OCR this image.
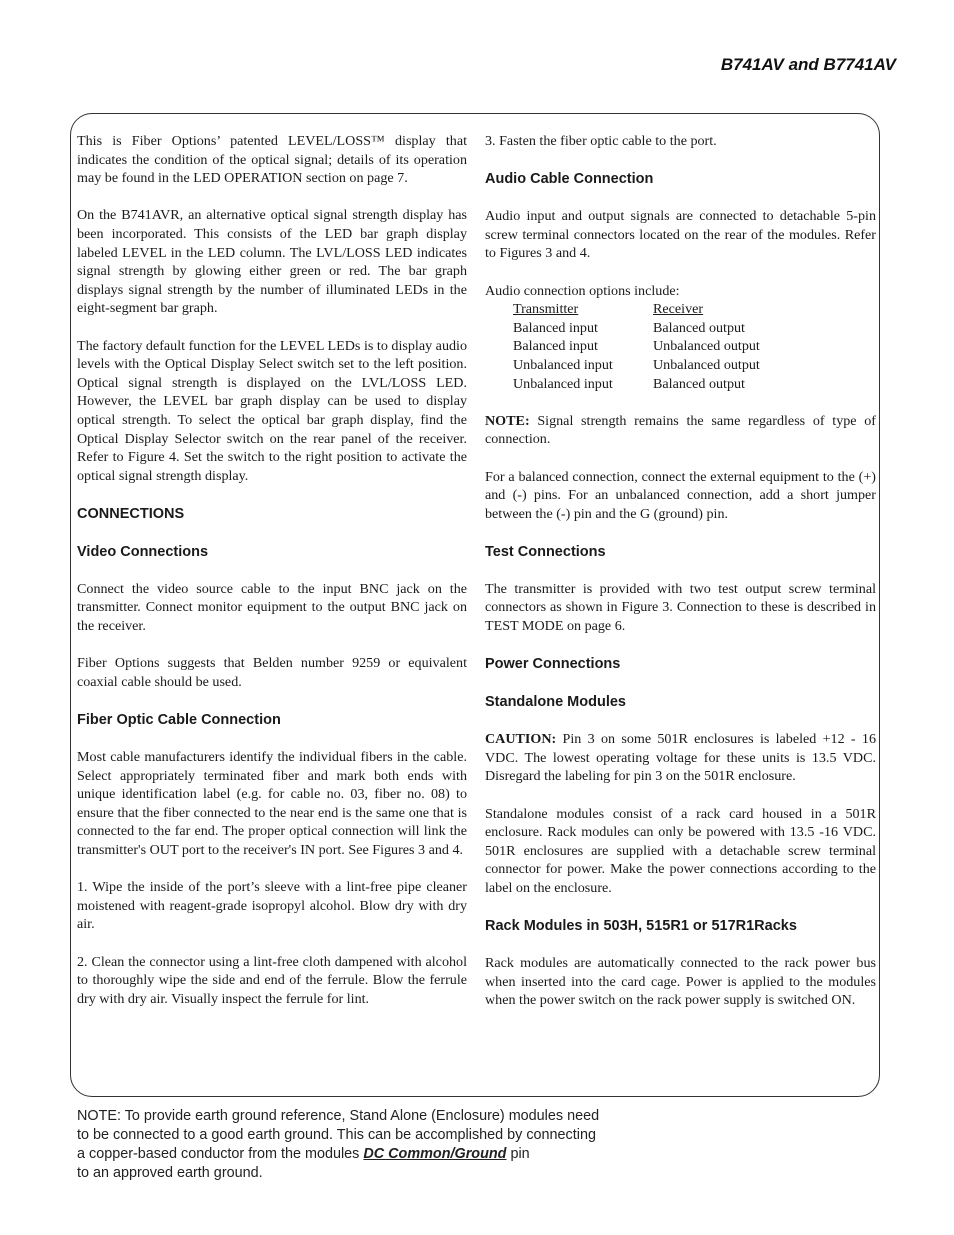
B741AV and B7741AV

This is Fiber Options’ patented LEVEL/LOSS™ display that indicates the condition of the optical signal; details of its operation may be found in the LED OPERATION section on page 7.

On the B741AVR, an alternative optical signal strength display has been incorporated. This consists of the LED bar graph display labeled LEVEL in the LED column. The LVL/LOSS LED indicates signal strength by glowing either green or red. The bar graph displays signal strength by the number of illuminated LEDs in the eight-segment bar graph.

The factory default function for the LEVEL LEDs is to display audio levels with the Optical Display Select switch set to the left position. Optical signal strength is displayed on the LVL/LOSS LED. However, the LEVEL bar graph display can be used to display optical strength. To select the optical bar graph display, find the Optical Display Selector switch on the rear panel of the receiver. Refer to Figure 4. Set the switch to the right position to activate the optical signal strength display.

CONNECTIONS
Video Connections

Connect the video source cable to the input BNC jack on the transmitter. Connect monitor equipment to the output BNC jack on the receiver.

Fiber Options suggests that Belden number 9259 or equivalent coaxial cable should be used.

Fiber Optic Cable Connection

Most cable manufacturers identify the individual fibers in the cable. Select appropriately terminated fiber and mark both ends with unique identification label (e.g. for cable no. 03, fiber no. 08) to ensure that the fiber connected to the near end is the same one that is connected to the far end. The proper optical connection will link the transmitter's OUT port to the receiver's IN port. See Figures 3 and 4.

1. Wipe the inside of the port’s sleeve with a lint-free pipe cleaner moistened with reagent-grade isopropyl alcohol. Blow dry with dry air.

2. Clean the connector using a lint-free cloth dampened with alcohol to thoroughly wipe the side and end of the ferrule. Blow the ferrule dry with dry air. Visually inspect the ferrule for lint.

3. Fasten the fiber optic cable to the port.

Audio Cable Connection

Audio input and output signals are connected to detachable 5-pin screw terminal connectors located on the rear of the modules. Refer to Figures 3 and 4.

Audio connection options include:
Transmitter	Receiver
Balanced input	Balanced output
Balanced input	Unbalanced output
Unbalanced input	Unbalanced output
Unbalanced input	Balanced output

NOTE: Signal strength remains the same regardless of type of connection.

For a balanced connection, connect the external equipment to the (+) and (-) pins. For an unbalanced connection, add a short jumper between the (-) pin and the G (ground) pin.

Test Connections

The transmitter is provided with two test output screw terminal connectors as shown in Figure 3. Connection to these is described in TEST MODE on page 6.

Power Connections
Standalone Modules

CAUTION: Pin 3 on some 501R enclosures is labeled +12 - 16 VDC. The lowest operating voltage for these units is 13.5 VDC. Disregard the labeling for pin 3 on the 501R enclosure.

Standalone modules consist of a rack card housed in a 501R enclosure. Rack modules can only be powered with 13.5 -16 VDC. 501R enclosures are supplied with a detachable screw terminal connector for power. Make the power connections according to the label on the enclosure.

Rack Modules in 503H, 515R1 or 517R1Racks

Rack modules are automatically connected to the rack power bus when inserted into the card cage. Power is applied to the modules when the power switch on the rack power supply is switched ON.

NOTE: To provide earth ground reference, Stand Alone (Enclosure) modules need
to be connected to a good earth ground. This can be accomplished by connecting
a copper-based conductor from the modules DC Common/Ground pin
to an approved earth ground.
